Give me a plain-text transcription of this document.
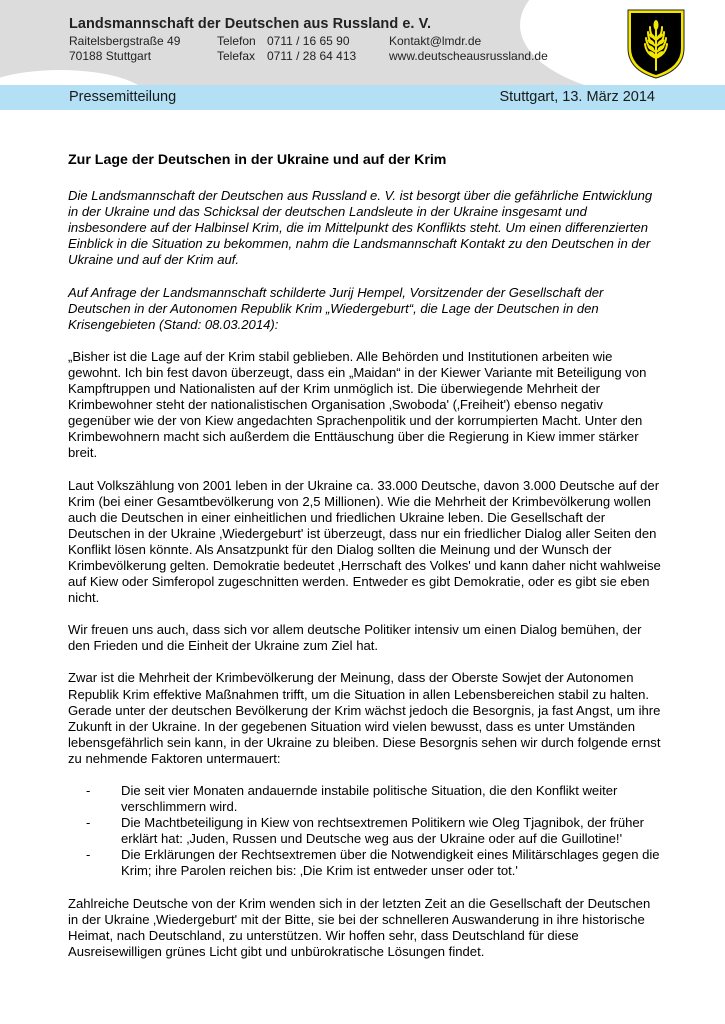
Landsmannschaft der Deutschen aus Russland e. V.
Raitelsbergstraße 49	Telefon 0711 / 16 65 90	Kontakt@lmdr.de
70188 Stuttgart	Telefax 0711 / 28 64 413	www.deutscheausrussland.de
Pressemitteilung	Stuttgart, 13. März 2014
Zur Lage der Deutschen in der Ukraine und auf der Krim

Die Landsmannschaft der Deutschen aus Russland e. V. ist besorgt über die gefährliche Entwicklung in der Ukraine und das Schicksal der deutschen Landsleute in der Ukraine insgesamt und insbesondere auf der Halbinsel Krim, die im Mittelpunkt des Konflikts steht. Um einen differenzierten Einblick in die Situation zu bekommen, nahm die Landsmannschaft Kontakt zu den Deutschen in der Ukraine und auf der Krim auf.

Auf Anfrage der Landsmannschaft schilderte Jurij Hempel, Vorsitzender der Gesellschaft der Deutschen in der Autonomen Republik Krim „Wiedergeburt“, die Lage der Deutschen in den Krisengebieten (Stand: 08.03.2014):

„Bisher ist die Lage auf der Krim stabil geblieben. Alle Behörden und Institutionen arbeiten wie gewohnt. Ich bin fest davon überzeugt, dass ein „Maidan“ in der Kiewer Variante mit Beteiligung von Kampftruppen und Nationalisten auf der Krim unmöglich ist. Die überwiegende Mehrheit der Krimbewohner steht der nationalistischen Organisation ‚Swoboda' (‚Freiheit') ebenso negativ gegenüber wie der von Kiew angedachten Sprachenpolitik und der korrumpierten Macht. Unter den Krimbewohnern macht sich außerdem die Enttäuschung über die Regierung in Kiew immer stärker breit.

Laut Volkszählung von 2001 leben in der Ukraine ca. 33.000 Deutsche, davon 3.000 Deutsche auf der Krim (bei einer Gesamtbevölkerung von 2,5 Millionen). Wie die Mehrheit der Krimbevölkerung wollen auch die Deutschen in einer einheitlichen und friedlichen Ukraine leben. Die Gesellschaft der Deutschen in der Ukraine ‚Wiedergeburt' ist überzeugt, dass nur ein friedlicher Dialog aller Seiten den Konflikt lösen könnte. Als Ansatzpunkt für den Dialog sollten die Meinung und der Wunsch der Krimbevölkerung gelten. Demokratie bedeutet ‚Herrschaft des Volkes' und kann daher nicht wahlweise auf Kiew oder Simferopol zugeschnitten werden. Entweder es gibt Demokratie, oder es gibt sie eben nicht.

Wir freuen uns auch, dass sich vor allem deutsche Politiker intensiv um einen Dialog bemühen, der den Frieden und die Einheit der Ukraine zum Ziel hat.

Zwar ist die Mehrheit der Krimbevölkerung der Meinung, dass der Oberste Sowjet der Autonomen Republik Krim effektive Maßnahmen trifft, um die Situation in allen Lebensbereichen stabil zu halten. Gerade unter der deutschen Bevölkerung der Krim wächst jedoch die Besorgnis, ja fast Angst, um ihre Zukunft in der Ukraine. In der gegebenen Situation wird vielen bewusst, dass es unter Umständen lebensgefährlich sein kann, in der Ukraine zu bleiben. Diese Besorgnis sehen wir durch folgende ernst zu nehmende Faktoren untermauert:

- Die seit vier Monaten andauernde instabile politische Situation, die den Konflikt weiter verschlimmern wird.
- Die Machtbeteiligung in Kiew von rechtsextremen Politikern wie Oleg Tjagnibok, der früher erklärt hat: ‚Juden, Russen und Deutsche weg aus der Ukraine oder auf die Guillotine!'
- Die Erklärungen der Rechtsextremen über die Notwendigkeit eines Militärschlages gegen die Krim; ihre Parolen reichen bis: ‚Die Krim ist entweder unser oder tot.'

Zahlreiche Deutsche von der Krim wenden sich in der letzten Zeit an die Gesellschaft der Deutschen in der Ukraine ‚Wiedergeburt' mit der Bitte, sie bei der schnelleren Auswanderung in ihre historische Heimat, nach Deutschland, zu unterstützen. Wir hoffen sehr, dass Deutschland für diese Ausreisewilligen grünes Licht gibt und unbürokratische Lösungen findet.
